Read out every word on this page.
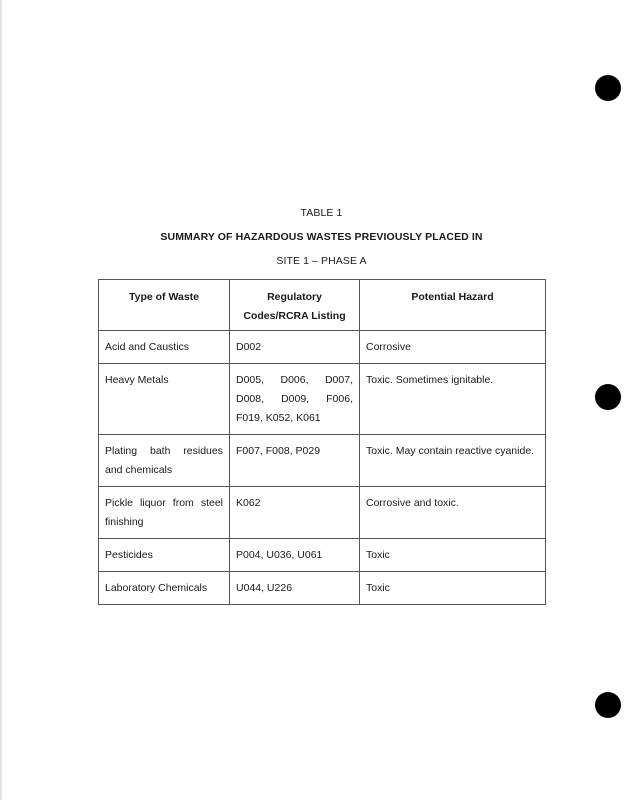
TABLE 1
SUMMARY OF HAZARDOUS WASTES PREVIOUSLY PLACED IN
SITE 1 – PHASE A
Type of Waste	Regulatory Codes/RCRA Listing	Potential Hazard
Acid and Caustics	D002	Corrosive
Heavy Metals	D005, D006, D007, D008, D009, F006, F019, K052, K061	Toxic. Sometimes ignitable.
Plating bath residues and chemicals	F007, F008, P029	Toxic. May contain reactive cyanide.
Pickle liquor from steel finishing	K062	Corrosive and toxic.
Pesticides	P004, U036, U061	Toxic
Laboratory Chemicals	U044, U226	Toxic
